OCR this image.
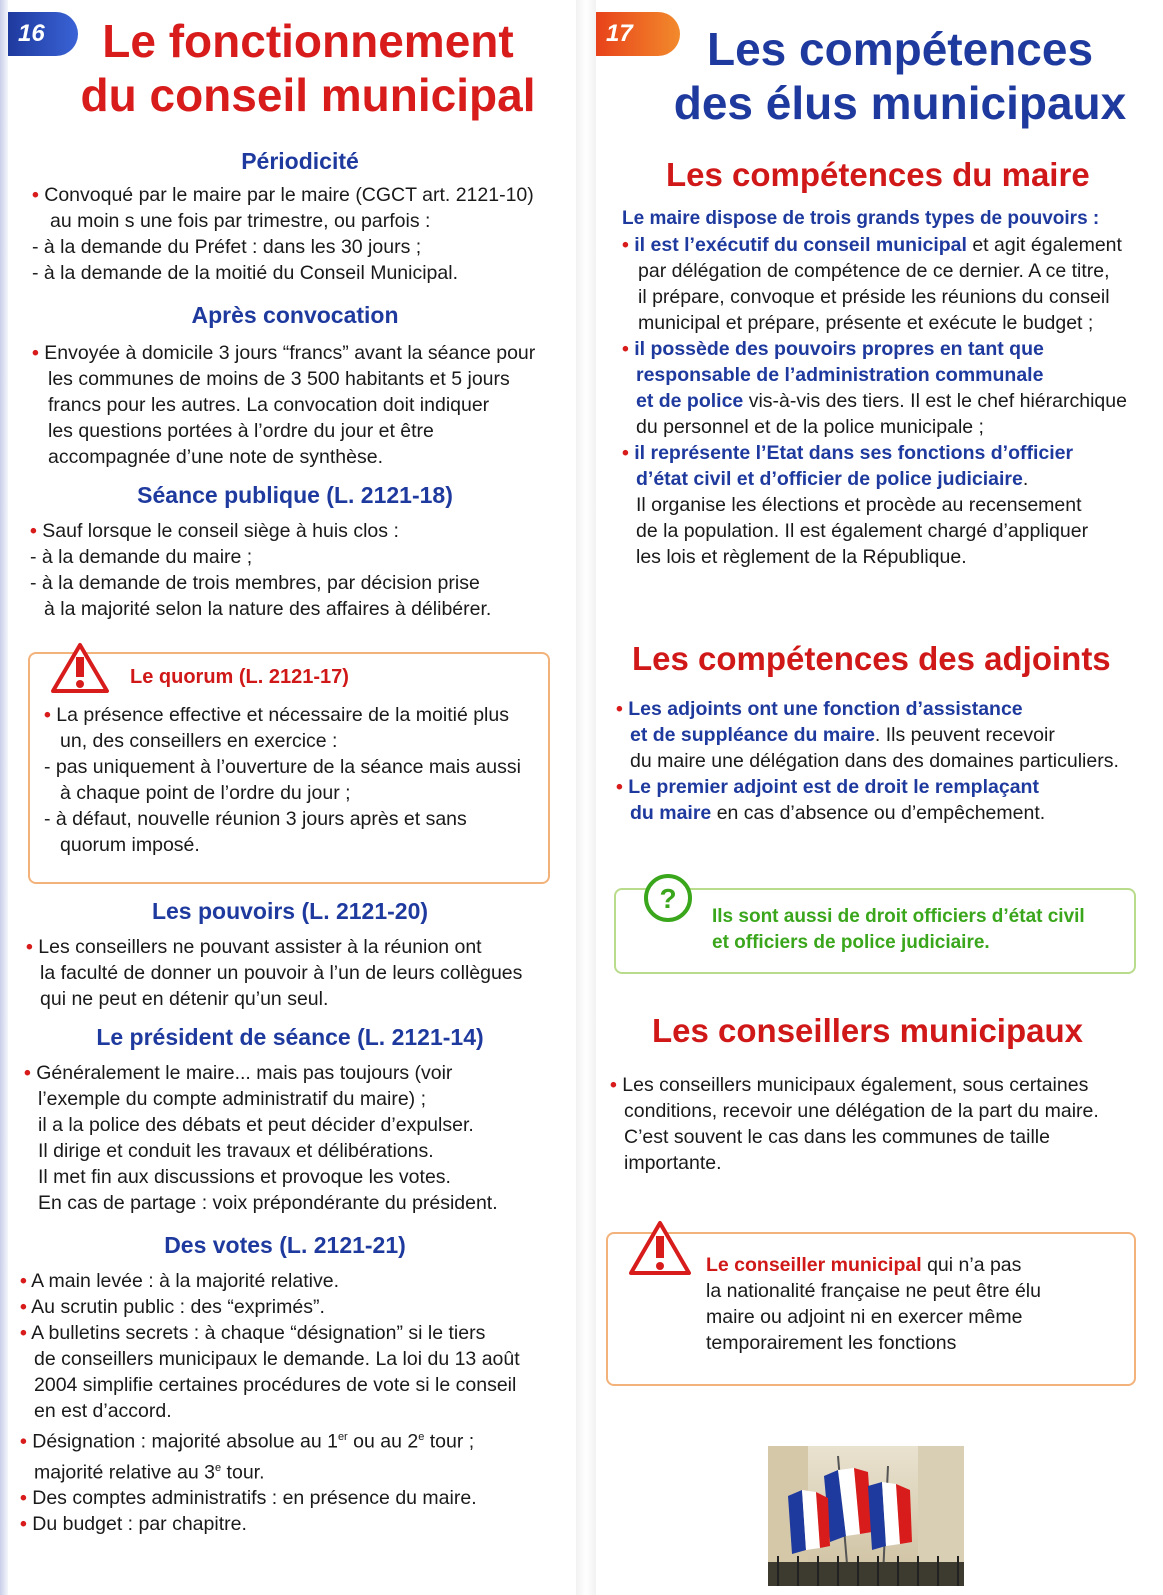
16	Le fonctionnement
du conseil municipal
Périodicité
• Convoqué par le maire par le maire (CGCT art. 2121-10)
au moin s une fois par trimestre, ou parfois :
- à la demande du Préfet : dans les 30 jours ;
- à la demande de la moitié du Conseil Municipal.
Après convocation
• Envoyée à domicile 3 jours “francs” avant la séance pour
les communes de moins de 3 500 habitants et 5 jours
francs pour les autres. La convocation doit indiquer
les questions portées à l’ordre du jour et être
accompagnée d’une note de synthèse.
Séance publique (L. 2121-18)
• Sauf lorsque le conseil siège à huis clos :
- à la demande du maire ;
- à la demande de trois membres, par décision prise
à la majorité selon la nature des affaires à délibérer.
Le quorum (L. 2121-17)
• La présence effective et nécessaire de la moitié plus
un, des conseillers en exercice :
- pas uniquement à l’ouverture de la séance mais aussi
à chaque point de l’ordre du jour ;
- à défaut, nouvelle réunion 3 jours après et sans
quorum imposé.
Les pouvoirs (L. 2121-20)
• Les conseillers ne pouvant assister à la réunion ont
la faculté de donner un pouvoir à l’un de leurs collègues
qui ne peut en détenir qu’un seul.
Le président de séance (L. 2121-14)
• Généralement le maire... mais pas toujours (voir
l’exemple du compte administratif du maire) ;
il a la police des débats et peut décider d’expulser.
Il dirige et conduit les travaux et délibérations.
Il met fin aux discussions et provoque les votes.
En cas de partage : voix prépondérante du président.
Des votes (L. 2121-21)
• A main levée : à la majorité relative.
• Au scrutin public : des “exprimés”.
• A bulletins secrets : à chaque “désignation” si le tiers
de conseillers municipaux le demande. La loi du 13 août
2004 simplifie certaines procédures de vote si le conseil
en est d’accord.
• Désignation : majorité absolue au 1er ou au 2e tour ;
majorité relative au 3e tour.
• Des comptes administratifs : en présence du maire.
• Du budget : par chapitre.
17	Les compétences
des élus municipaux
Les compétences du maire
Le maire dispose de trois grands types de pouvoirs :
• il est l’exécutif du conseil municipal et agit également
par délégation de compétence de ce dernier. A ce titre,
il prépare, convoque et préside les réunions du conseil
municipal et prépare, présente et exécute le budget ;
• il possède des pouvoirs propres en tant que
responsable de l’administration communale
et de police vis-à-vis des tiers. Il est le chef hiérarchique
du personnel et de la police municipale ;
• il représente l’Etat dans ses fonctions d’officier
d’état civil et d’officier de police judiciaire.
Il organise les élections et procède au recensement
de la population. Il est également chargé d’appliquer
les lois et règlement de la République.
Les compétences des adjoints
• Les adjoints ont une fonction d’assistance
et de suppléance du maire. Ils peuvent recevoir
du maire une délégation dans des domaines particuliers.
• Le premier adjoint est de droit le remplaçant
du maire en cas d’absence ou d’empêchement.
?
Ils sont aussi de droit officiers d’état civil
et officiers de police judiciaire.
Les conseillers municipaux
• Les conseillers municipaux également, sous certaines
conditions, recevoir une délégation de la part du maire.
C’est souvent le cas dans les communes de taille
importante.
Le conseiller municipal qui n’a pas
la nationalité française ne peut être élu
maire ou adjoint ni en exercer même
temporairement les fonctions
